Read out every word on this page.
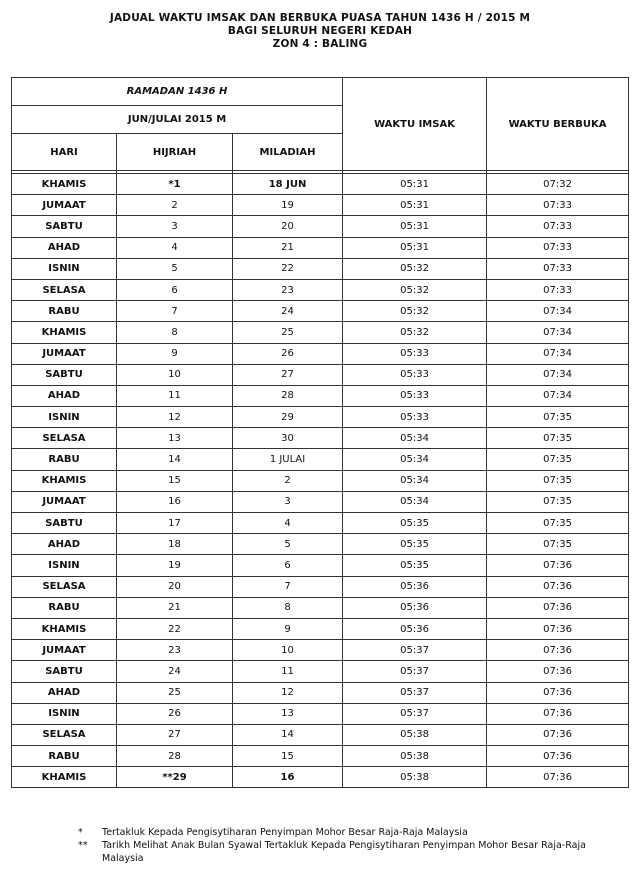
JADUAL WAKTU IMSAK DAN BERBUKA PUASA TAHUN 1436 H / 2015 M
BAGI SELURUH NEGERI KEDAH
ZON 4 : BALING
RAMADAN 1436 H			WAKTU IMSAK	WAKTU BERBUKA
JUN/JULAI 2015 M				
HARI	HIJRIAH	MILADIAH		

KHAMIS	*1	18 JUN	05:31	07:32
JUMAAT	2	19	05:31	07:33
SABTU	3	20	05:31	07:33
AHAD	4	21	05:31	07:33
ISNIN	5	22	05:32	07:33
SELASA	6	23	05:32	07:33
RABU	7	24	05:32	07:34
KHAMIS	8	25	05:32	07:34
JUMAAT	9	26	05:33	07:34
SABTU	10	27	05:33	07:34
AHAD	11	28	05:33	07:34
ISNIN	12	29	05:33	07:35
SELASA	13	30	05:34	07:35
RABU	14	1 JULAI	05:34	07:35
KHAMIS	15	2	05:34	07:35
JUMAAT	16	3	05:34	07:35
SABTU	17	4	05:35	07:35
AHAD	18	5	05:35	07:35
ISNIN	19	6	05:35	07:36
SELASA	20	7	05:36	07:36
RABU	21	8	05:36	07:36
KHAMIS	22	9	05:36	07:36
JUMAAT	23	10	05:37	07:36
SABTU	24	11	05:37	07:36
AHAD	25	12	05:37	07:36
ISNIN	26	13	05:37	07:36
SELASA	27	14	05:38	07:36
RABU	28	15	05:38	07:36
KHAMIS	**29	16	05:38	07:36
*	Tertakluk Kepada Pengisytiharan Penyimpan Mohor Besar Raja-Raja Malaysia
**	Tarikh Melihat Anak Bulan Syawal Tertakluk Kepada Pengisytiharan Penyimpan Mohor Besar Raja-Raja Malaysia
